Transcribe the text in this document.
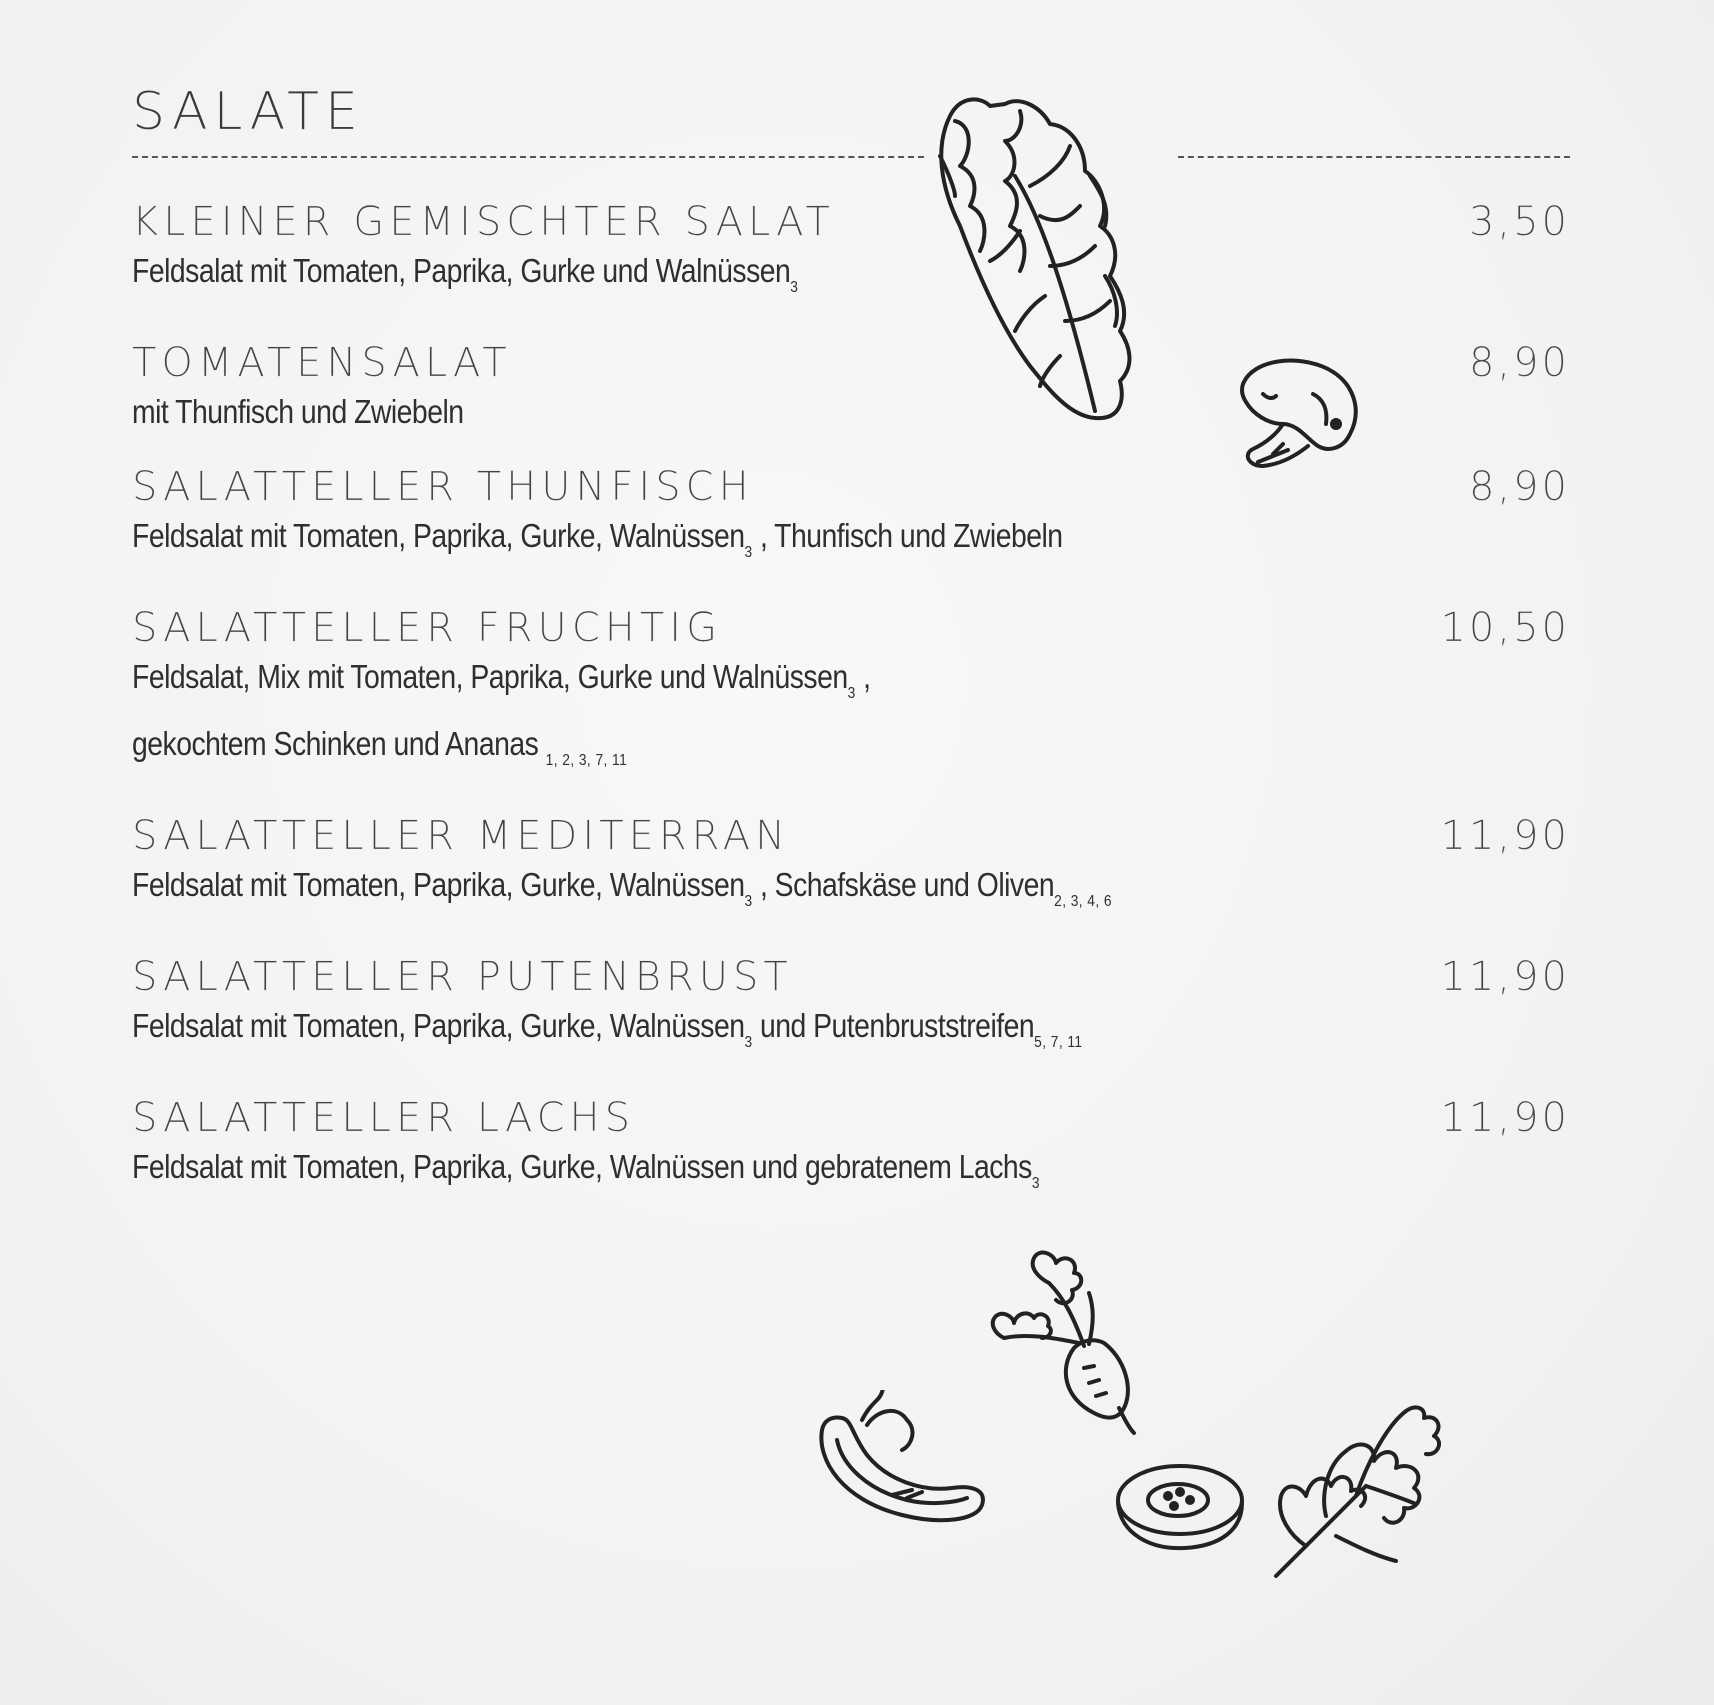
SALATE
KLEINER GEMISCHTER SALAT	3,50
Feldsalat mit Tomaten, Paprika, Gurke und Walnüssen$_3$
TOMATENSALAT	8,90
mit Thunfisch und Zwiebeln
SALATTELLER THUNFISCH	8,90
Feldsalat mit Tomaten, Paprika, Gurke, Walnüssen$_3$ , Thunfisch und Zwiebeln
SALATTELLER FRUCHTIG	10,50
Feldsalat, Mix mit Tomaten, Paprika, Gurke und Walnüssen$_3$ ,
gekochtem Schinken und Ananas $_{1, 2, 3, 7, 11}$
SALATTELLER MEDITERRAN	11,90
Feldsalat mit Tomaten, Paprika, Gurke, Walnüssen$_3$ , Schafskäse und Oliven$_{2, 3, 4, 6}$
SALATTELLER PUTENBRUST	11,90
Feldsalat mit Tomaten, Paprika, Gurke, Walnüssen$_3$ und Putenbruststreifen$_{5, 7, 11}$
SALATTELLER LACHS	11,90
Feldsalat mit Tomaten, Paprika, Gurke, Walnüssen und gebratenem Lachs$_3$
